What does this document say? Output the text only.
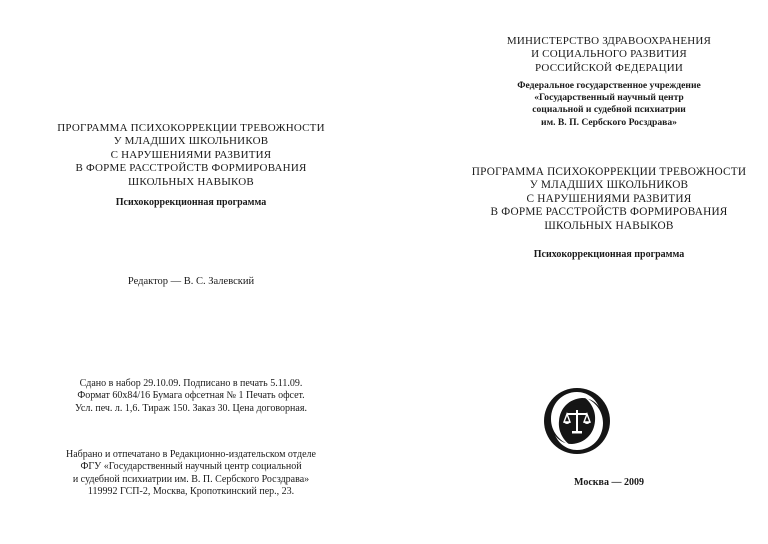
ПРОГРАММА ПСИХОКОРРЕКЦИИ ТРЕВОЖНОСТИ
У МЛАДШИХ ШКОЛЬНИКОВ
С НАРУШЕНИЯМИ РАЗВИТИЯ
В ФОРМЕ РАССТРОЙСТВ ФОРМИРОВАНИЯ
ШКОЛЬНЫХ НАВЫКОВ
Психокоррекционная программа
Редактор — В. С. Залевский
Сдано в набор 29.10.09. Подписано в печать 5.11.09.
Формат 60x84/16 Бумага офсетная № 1 Печать офсет.
Усл. печ. л. 1,6. Тираж 150. Заказ 30. Цена договорная.
Набрано и отпечатано в Редакционно-издательском отделе
ФГУ «Государственный научный центр социальной
и судебной психиатрии им. В. П. Сербского Росздрава»
119992 ГСП-2, Москва, Кропоткинский пер., 23.
МИНИСТЕРСТВО ЗДРАВООХРАНЕНИЯ
И СОЦИАЛЬНОГО РАЗВИТИЯ
РОССИЙСКОЙ ФЕДЕРАЦИИ
Федеральное государственное учреждение
«Государственный научный центр
социальной и судебной психиатрии
им. В. П. Сербского Росздрава»
ПРОГРАММА ПСИХОКОРРЕКЦИИ ТРЕВОЖНОСТИ
У МЛАДШИХ ШКОЛЬНИКОВ
С НАРУШЕНИЯМИ РАЗВИТИЯ
В ФОРМЕ РАССТРОЙСТВ ФОРМИРОВАНИЯ
ШКОЛЬНЫХ НАВЫКОВ
Психокоррекционная программа
Москва — 2009
